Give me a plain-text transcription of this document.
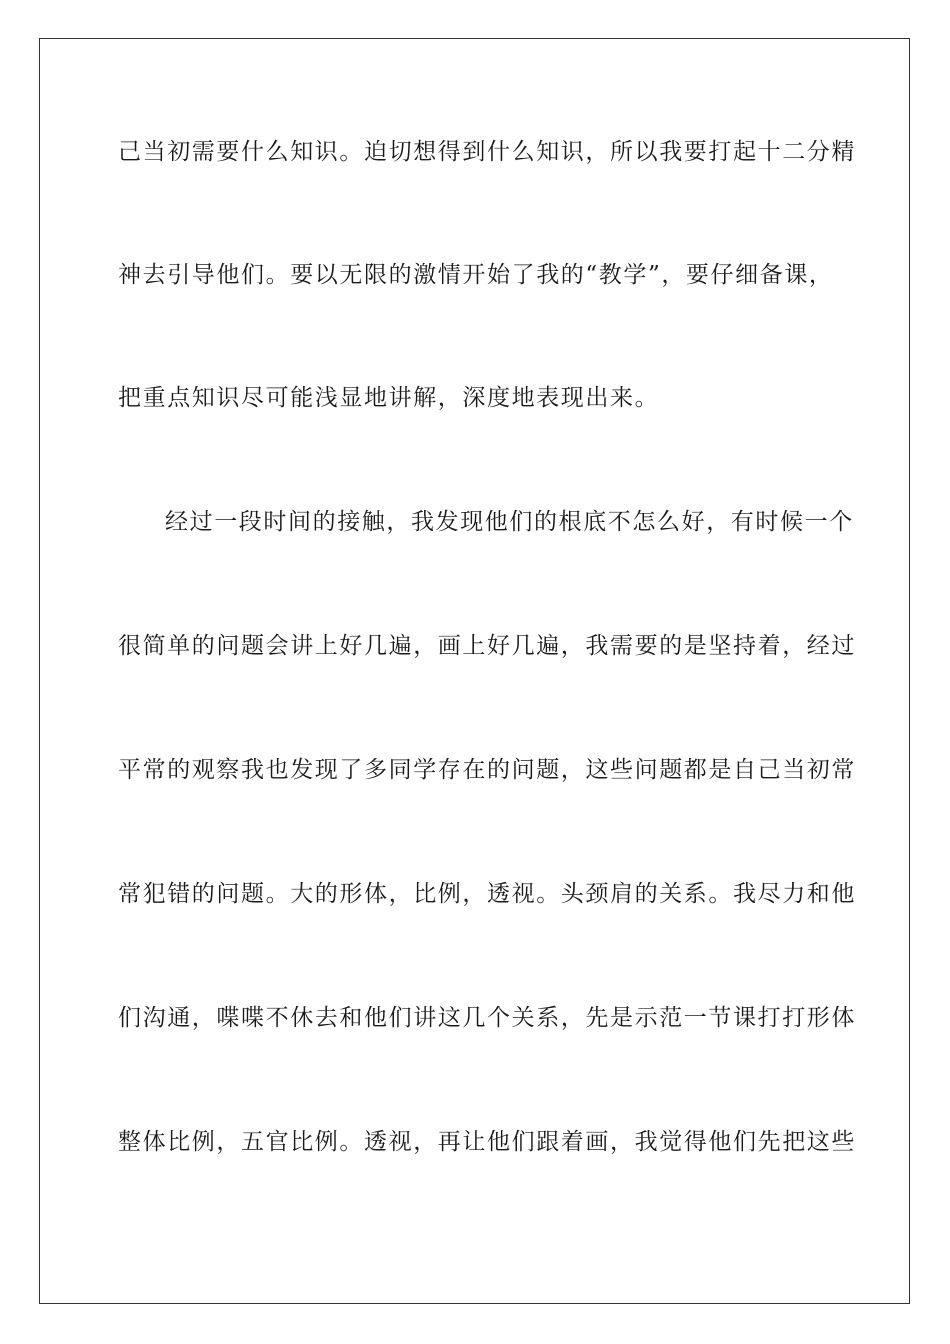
己当初需要什么知识。迫切想得到什么知识，所以我要打起十二分精
神去引导他们。要以无限的激情开始了我的“教学”，要仔细备课，
把重点知识尽可能浅显地讲解，深度地表现出来。
经过一段时间的接触，我发现他们的根底不怎么好，有时候一个
很简单的问题会讲上好几遍，画上好几遍，我需要的是坚持着，经过
平常的观察我也发现了多同学存在的问题，这些问题都是自己当初常
常犯错的问题。大的形体，比例，透视。头颈肩的关系。我尽力和他
们沟通，喋喋不休去和他们讲这几个关系，先是示范一节课打打形体
整体比例，五官比例。透视，再让他们跟着画，我觉得他们先把这些
